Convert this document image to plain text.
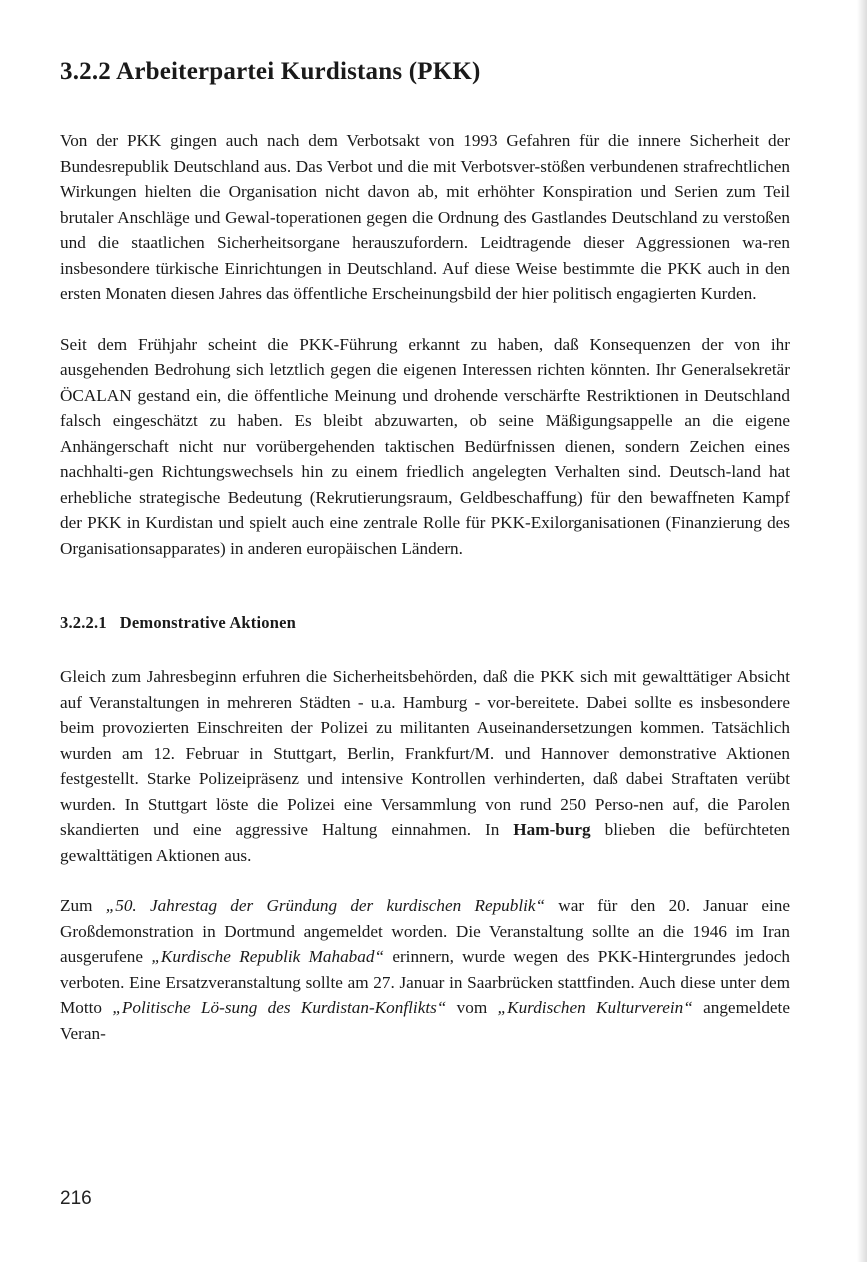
3.2.2 Arbeiterpartei Kurdistans (PKK)

Von der PKK gingen auch nach dem Verbotsakt von 1993 Gefahren für die innere Sicherheit der Bundesrepublik Deutschland aus. Das Verbot und die mit Verbotsver-stößen verbundenen strafrechtlichen Wirkungen hielten die Organisation nicht davon ab, mit erhöhter Konspiration und Serien zum Teil brutaler Anschläge und Gewal-toperationen gegen die Ordnung des Gastlandes Deutschland zu verstoßen und die staatlichen Sicherheitsorgane herauszufordern. Leidtragende dieser Aggressionen wa-ren insbesondere türkische Einrichtungen in Deutschland. Auf diese Weise bestimmte die PKK auch in den ersten Monaten diesen Jahres das öffentliche Erscheinungsbild der hier politisch engagierten Kurden.

Seit dem Frühjahr scheint die PKK-Führung erkannt zu haben, daß Konsequenzen der von ihr ausgehenden Bedrohung sich letztlich gegen die eigenen Interessen richten könnten. Ihr Generalsekretär ÖCALAN gestand ein, die öffentliche Meinung und drohende verschärfte Restriktionen in Deutschland falsch eingeschätzt zu haben. Es bleibt abzuwarten, ob seine Mäßigungsappelle an die eigene Anhängerschaft nicht nur vorübergehenden taktischen Bedürfnissen dienen, sondern Zeichen eines nachhalti-gen Richtungswechsels hin zu einem friedlich angelegten Verhalten sind. Deutsch-land hat erhebliche strategische Bedeutung (Rekrutierungsraum, Geldbeschaffung) für den bewaffneten Kampf der PKK in Kurdistan und spielt auch eine zentrale Rolle für PKK-Exilorganisationen (Finanzierung des Organisationsapparates) in anderen europäischen Ländern.

3.2.2.1   Demonstrative Aktionen

Gleich zum Jahresbeginn erfuhren die Sicherheitsbehörden, daß die PKK sich mit gewalttätiger Absicht auf Veranstaltungen in mehreren Städten - u.a. Hamburg - vor-bereitete. Dabei sollte es insbesondere beim provozierten Einschreiten der Polizei zu militanten Auseinandersetzungen kommen. Tatsächlich wurden am 12. Februar in Stuttgart, Berlin, Frankfurt/M. und Hannover demonstrative Aktionen festgestellt. Starke Polizeipräsenz und intensive Kontrollen verhinderten, daß dabei Straftaten verübt wurden. In Stuttgart löste die Polizei eine Versammlung von rund 250 Perso-nen auf, die Parolen skandierten und eine aggressive Haltung einnahmen. In Ham-burg blieben die befürchteten gewalttätigen Aktionen aus.

Zum „50. Jahrestag der Gründung der kurdischen Republik“ war für den 20. Januar eine Großdemonstration in Dortmund angemeldet worden. Die Veranstaltung sollte an die 1946 im Iran ausgerufene „Kurdische Republik Mahabad“ erinnern, wurde wegen des PKK-Hintergrundes jedoch verboten. Eine Ersatzveranstaltung sollte am 27. Januar in Saarbrücken stattfinden. Auch diese unter dem Motto „Politische Lö-sung des Kurdistan-Konflikts“ vom „Kurdischen Kulturverein“ angemeldete Veran-

216
